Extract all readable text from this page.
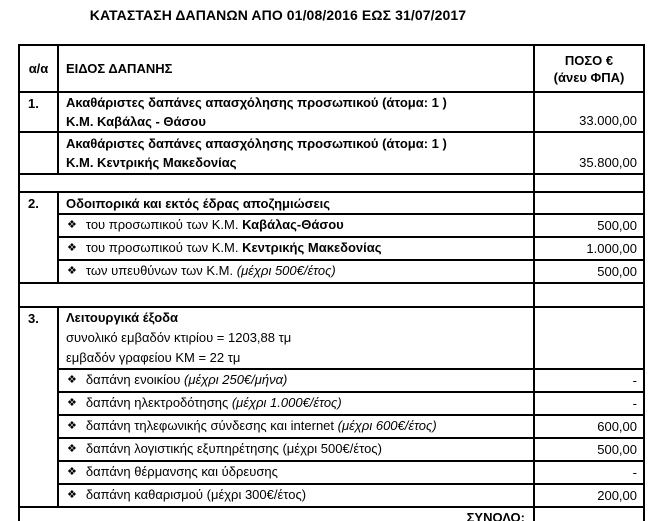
ΚΑΤΑΣΤΑΣΗ ΔΑΠΑΝΩΝ ΑΠΟ 01/08/2016 ΕΩΣ 31/07/2017
α/α	ΕΙΔΟΣ ΔΑΠΑΝΗΣ	ΠΟΣΟ €
(άνευ ΦΠΑ)

1.	Ακαθάριστες δαπάνες απασχόλησης προσωπικού (άτομα: 1 )
Κ.Μ. Καβάλας - Θάσου	33.000,00

	Ακαθάριστες δαπάνες απασχόλησης προσωπικού (άτομα: 1 )
Κ.Μ. Κεντρικής Μακεδονίας	35.800,00

2.	Οδοιπορικά και εκτός έδρας αποζημιώσεις	
	❖ του προσωπικού των Κ.Μ. Καβάλας-Θάσου	500,00
	❖ του προσωπικού των Κ.Μ. Κεντρικής Μακεδονίας	1.000,00
	❖ των υπευθύνων των Κ.Μ. (μέχρι 500€/έτος)	500,00

3.	Λειτουργικά έξοδα
συνολικό εμβαδόν κτιρίου = 1203,88 τμ
εμβαδόν γραφείου ΚΜ = 22 τμ	

	❖ δαπάνη ενοικίου (μέχρι 250€/μήνα)	-
	❖ δαπάνη ηλεκτροδότησης (μέχρι 1.000€/έτος)	-
	❖ δαπάνη τηλεφωνικής σύνδεσης και internet (μέχρι 600€/έτος)	600,00
	❖ δαπάνη λογιστικής εξυπηρέτησης (μέχρι 500€/έτος)	500,00
	❖ δαπάνη θέρμανσης και ύδρευσης	-
	❖ δαπάνη καθαρισμού (μέχρι 300€/έτος)	200,00
ΣΥΝΟΛΟ:		
